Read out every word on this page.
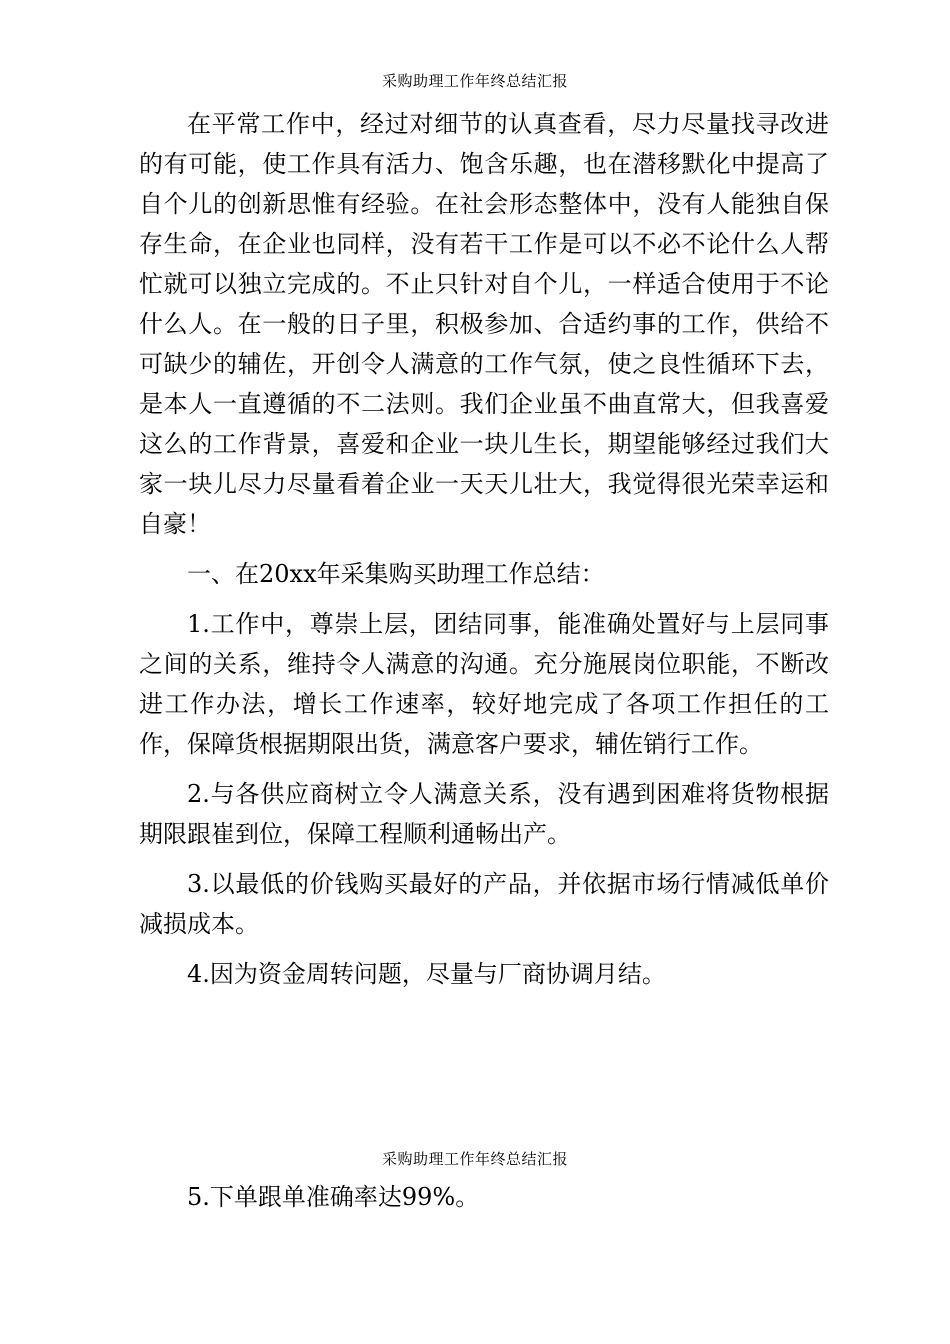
采购助理工作年终总结汇报

在平常工作中，经过对细节的认真查看，尽力尽量找寻改进的有可能，使工作具有活力、饱含乐趣，也在潜移默化中提高了自个儿的创新思惟有经验。在社会形态整体中，没有人能独自保存生命，在企业也同样，没有若干工作是可以不必不论什么人帮忙就可以独立完成的。不止只针对自个儿，一样适合使用于不论什么人。在一般的日子里，积极参加、合适约事的工作，供给不可缺少的辅佐，开创令人满意的工作气氛，使之良性循环下去，是本人一直遵循的不二法则。我们企业虽不曲直常大，但我喜爱这么的工作背景，喜爱和企业一块儿生长，期望能够经过我们大家一块儿尽力尽量看着企业一天天儿壮大，我觉得很光荣幸运和自豪！

一、在20xx年采集购买助理工作总结：

1.工作中，尊崇上层，团结同事，能准确处置好与上层同事之间的关系，维持令人满意的沟通。充分施展岗位职能，不断改进工作办法，增长工作速率，较好地完成了各项工作担任的工作，保障货根据期限出货，满意客户要求，辅佐销行工作。

2.与各供应商树立令人满意关系，没有遇到困难将货物根据期限跟崔到位，保障工程顺利通畅出产。

3.以最低的价钱购买最好的产品，并依据市场行情减低单价减损成本。

4.因为资金周转问题，尽量与厂商协调月结。

采购助理工作年终总结汇报

5.下单跟单准确率达99%。
